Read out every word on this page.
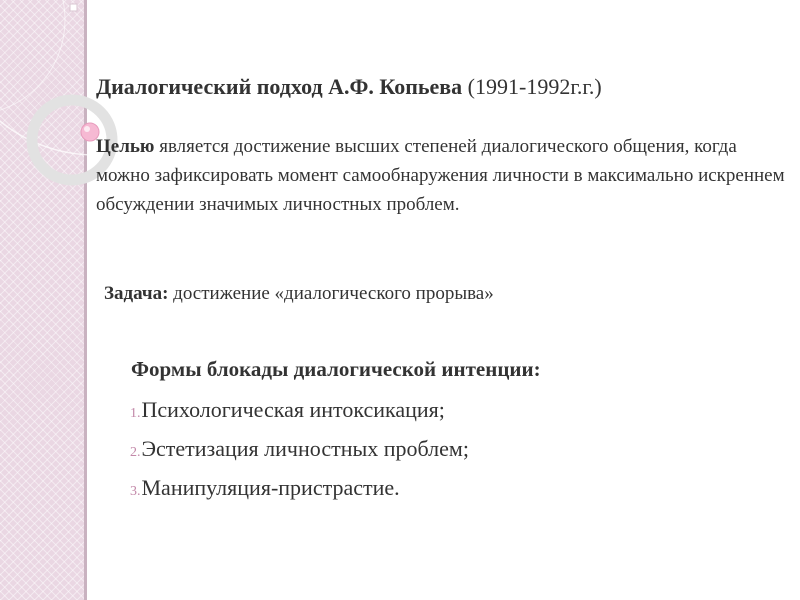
Диалогический подход А.Ф. Копьева (1991-1992г.г.)
Целью является достижение высших степеней диалогического общения, когда можно зафиксировать момент самообнаружения личности в максимально искреннем обсуждении значимых личностных проблем.
Задача: достижение «диалогического прорыва»
Формы блокады диалогической интенции:
1.Психологическая интоксикация;
2.Эстетизация личностных проблем;
3.Манипуляция-пристрастие.
